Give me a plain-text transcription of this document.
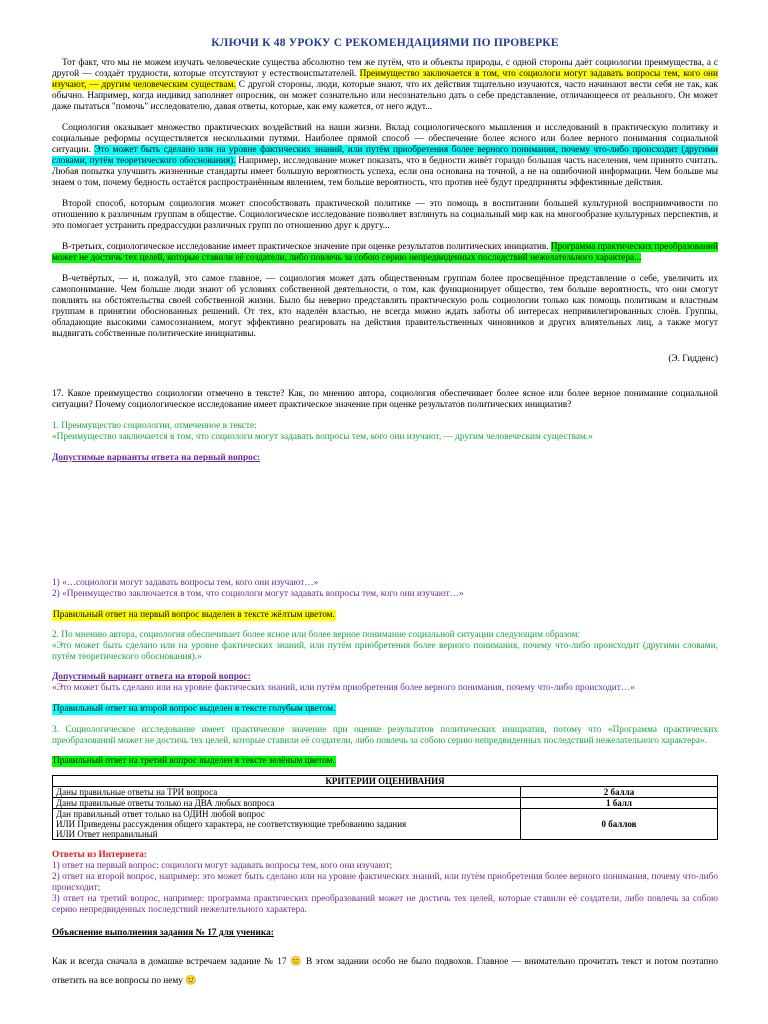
КЛЮЧИ К 48 УРОКУ С РЕКОМЕНДАЦИЯМИ ПО ПРОВЕРКЕ

Тот факт, что мы не можем изучать человеческие существа абсолютно тем же путём, что и объекты природы, с одной стороны даёт социологии преимущества, а с другой — создаёт трудности, которые отсутствуют у естествоиспытателей. Преимущество заключается в том, что социологи могут задавать вопросы тем, кого они изучают, — другим человеческим существам. С другой стороны, люди, которые знают, что их действия тщательно изучаются, часто начинают вести себя не так, как обычно. Например, когда индивид заполняет опросник, он может сознательно или несознательно дать о себе представление, отличающееся от реального. Он может даже пытаться "помочь" исследователю, давая ответы, которые, как ему кажется, от него ждут...

Социология оказывает множество практических воздействий на наши жизни. Вклад социологического мышления и исследований в практическую политику и социальные реформы осуществляется несколькими путями. Наиболее прямой способ — обеспечение более ясного или более верного понимания социальной ситуации. Это может быть сделано или на уровне фактических знаний, или путём приобретения более верного понимания, почему что-либо происходит (другими словами, путём теоретического обоснования). Например, исследование может показать, что в бедности живёт гораздо большая часть населения, чем принято считать. Любая попытка улучшить жизненные стандарты имеет большую вероятность успеха, если она основана на точной, а не на ошибочной информации. Чем больше мы знаем о том, почему бедность остаётся распространённым явлением, тем больше вероятность, что против неё будут предприняты эффективные действия.

Второй способ, которым социология может способствовать практической политике — это помощь в воспитании большей культурной восприимчивости по отношению к различным группам в обществе. Социологическое исследование позволяет взглянуть на социальный мир как на многообразие культурных перспектив, и это помогает устранить предрассудки различных групп по отношению друг к другу...

В-третьих, социологическое исследование имеет практическое значение при оценке результатов политических инициатив. Программа практических преобразований может не достичь тех целей, которые ставили её создатели, либо повлечь за собою серию непредвиденных последствий нежелательного характера...

В-четвёртых, — и, пожалуй, это самое главное, — социология может дать общественным группам более просвещённое представление о себе, увеличить их самопонимание. Чем больше люди знают об условиях собственной деятельности, о том, как функционирует общество, тем больше вероятность, что они смогут повлиять на обстоятельства своей собственной жизни. Было бы неверно представлять практическую роль социологии только как помощь политикам и властным группам в принятии обоснованных решений. От тех, кто наделён властью, не всегда можно ждать заботы об интересах непривилегированных слоёв. Группы, обладающие высокими самосознанием, могут эффективно реагировать на действия правительственных чиновников и других влиятельных лиц, а также могут выдвигать собственные политические инициативы.

(Э. Гидденс)

17. Какое преимущество социологии отмечено в тексте? Как, по мнению автора, социология обеспечивает более ясное или более верное понимание социальной ситуации? Почему социологическое исследование имеет практическое значение при оценке результатов политических инициатив?

1. Преимущество социологии, отмеченное в тексте:

«Преимущество заключается в том, что социологи могут задавать вопросы тем, кого они изучают, — другим человеческим существам.»

Допустимые варианты ответа на первый вопрос:

1) «…социологи могут задавать вопросы тем, кого они изучают…»

2) «Преимущество заключается в том, что социологи могут задавать вопросы тем, кого они изучают…»

Правильный ответ на первый вопрос выделен в тексте жёлтым цветом.

2. По мнению автора, социология обеспечивает более ясное или более верное понимание социальной ситуации следующим образом:

«Это может быть сделано или на уровне фактических знаний, или путём приобретения более верного понимания, почему что-либо происходит (другими словами, путём теоретического обоснования).»

Допустимый вариант ответа на второй вопрос:

«Это может быть сделано или на уровне фактических знаний, или путём приобретения более верного понимания, почему что-либо происходит…»

Правильный ответ на второй вопрос выделен в тексте голубым цветом.

3. Социологическое исследование имеет практическое значение при оценке результатов политических инициатив, потому что «Программа практических преобразований может не достичь тех целей, которые ставили её создатели, либо повлечь за собою серию непредвиденных последствий нежелательного характера».

Правильный ответ на третий вопрос выделен в тексте зелёным цветом.

КРИТЕРИИ ОЦЕНИВАНИЯ	
Даны правильные ответы на ТРИ вопроса	2 балла
Даны правильные ответы только на ДВА любых вопроса	1 балл

Дан правильный ответ только на ОДИН любой вопрос
ИЛИ Приведены рассуждения общего характера, не соответствующие требованию задания
ИЛИ Ответ неправильный	0 баллов

Ответы из Интернета:

1) ответ на первый вопрос: социологи могут задавать вопросы тем, кого они изучают;

2) ответ на второй вопрос, например: это может быть сделано или на уровне фактических знаний, или путём приобретения более верного понимания, почему что-либо происходит;

3) ответ на третий вопрос, например: программа практических преобразований может не достичь тех целей, которые ставили её создатели, либо повлечь за собою серию непредвиденных последствий нежелательного характера.

Объяснение выполнения задания № 17 для ученика:

Как и всегда сначала в домашке встречаем задание № 17 🙂 В этом задании особо не было подвохов. Главное — внимательно прочитать текст и потом поэтапно ответить на все вопросы по нему 🙂
